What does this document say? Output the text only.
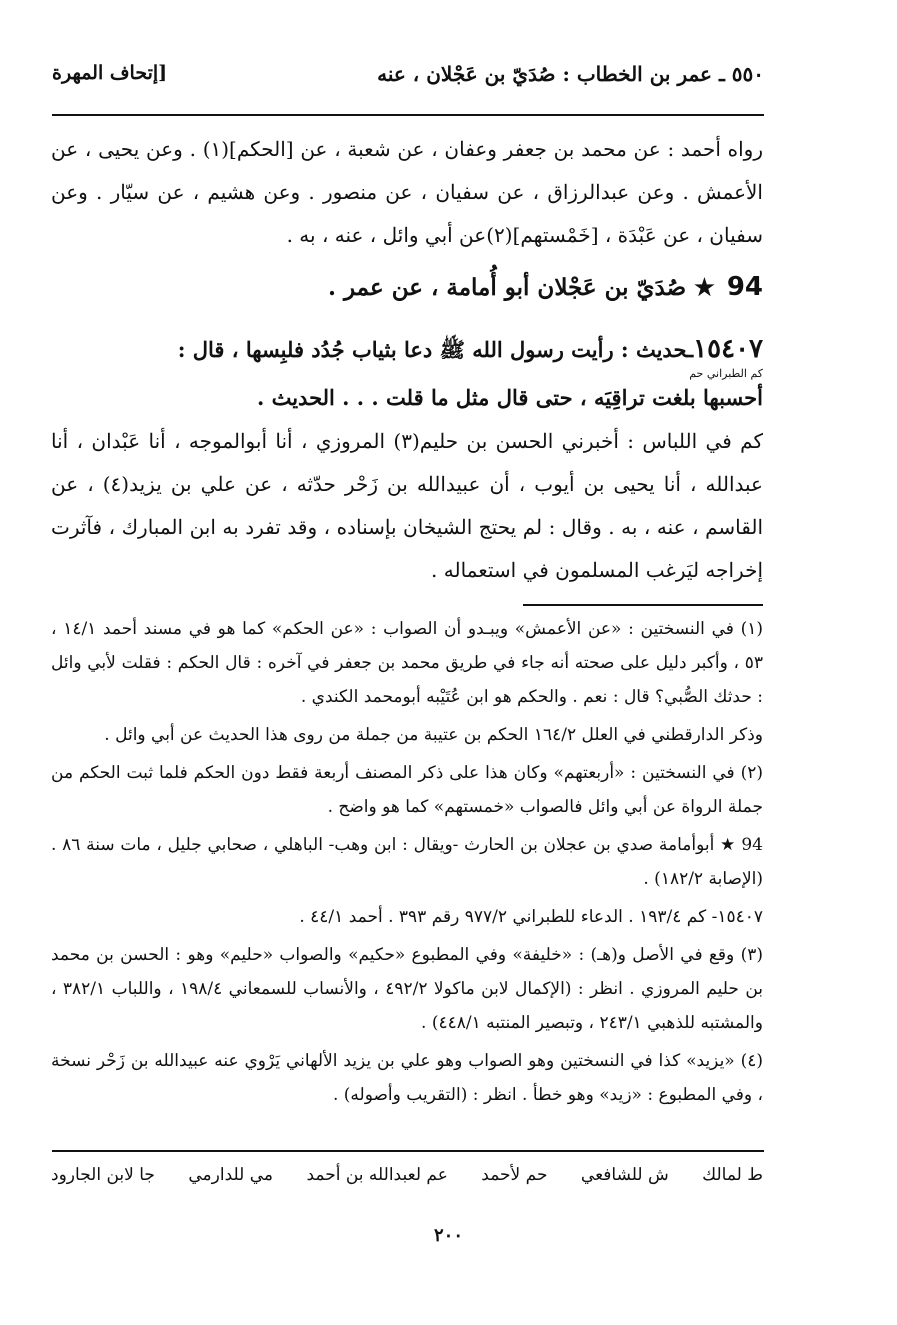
٥٥٠ ـ عمر بن الخطاب : صُدَيّ بن عَجْلان ، عنه
[إتحاف المهرة

رواه أحمد : عن محمد بن جعفر وعفان ، عن شعبة ، عن [الحكم](١) . وعن يحيى ، عن الأعمش . وعن عبدالرزاق ، عن سفيان ، عن منصور . وعن هشيم ، عن سيّار . وعن سفيان ، عن عَبْدَة ، [خَمْستهم](٢)عن أبي وائل ، عنه ، به .

94 ★ صُدَيّ بن عَجْلان أبو أُمامة ، عن عمر .
١٥٤٠٧ـحديث : رأيت رسول الله ﷺ دعا بثياب جُدُد فلبِسها ، قال :
كم الطبراني حم
أحسبها بلغت تراقِيَه ، حتى قال مثل ما قلت . . . الحديث .

كم في اللباس : أخبرني الحسن بن حليم(٣) المروزي ، أنا أبوالموجه ، أنا عَبْدان ، أنا عبدالله ، أنا يحيى بن أيوب ، أن عبيدالله بن زَحْر حدّثه ، عن علي بن يزيد(٤) ، عن القاسم ، عنه ، به . وقال : لم يحتج الشيخان بإسناده ، وقد تفرد به ابن المبارك ، فآثرت إخراجه ليَرغب المسلمون في استعماله .

(١) في النسختين : «عن الأعمش» ويبـدو أن الصواب : «عن الحكم» كما هو في مسند أحمد ١٤/١ ، ٥٣ ، وأكبر دليل على صحته أنه جاء في طريق محمد بن جعفر في آخره : قال الحكم : فقلت لأبي وائل : حدثك الصُّبي؟ قال : نعم . والحكم هو ابن عُتَيْبه أبومحمد الكندي .

وذكر الدارقطني في العلل ١٦٤/٢ الحكم بن عتيبة من جملة من روى هذا الحديث عن أبي وائل .

(٢) في النسختين : «أربعتهم» وكان هذا على ذكر المصنف أربعة فقط دون الحكم فلما ثبت الحكم من جملة الرواة عن أبي وائل فالصواب «خمستهم» كما هو واضح .

94 ★ أبوأمامة صدي بن عجلان بن الحارث -ويقال : ابن وهب- الباهلي ، صحابي جليل ، مات سنة ٨٦ . (الإصابة ١٨٢/٢) .

١٥٤٠٧- كم ١٩٣/٤ . الدعاء للطبراني ٩٧٧/٢ رقم ٣٩٣ . أحمد ٤٤/١ .

(٣) وقع في الأصل و(هـ) : «خليفة» وفي المطبوع «حكيم» والصواب «حليم» وهو : الحسن بن محمد بن حليم المروزي . انظر : (الإكمال لابن ماكولا ٤٩٢/٢ ، والأنساب للسمعاني ١٩٨/٤ ، واللباب ٣٨٢/١ ، والمشتبه للذهبي ٢٤٣/١ ، وتبصير المنتبه ٤٤٨/١) .

(٤) «يزيد» كذا في النسختين وهو الصواب وهو علي بن يزيد الألهاني يَرْوي عنه عبيدالله بن زَحْر نسخة ، وفي المطبوع : «زيد» وهو خطأ . انظر : (التقريب وأصوله) .

ط لمالك
ش للشافعي
حم لأحمد
عم لعبدالله بن أحمد
مي للدارمي
جا لابن الجارود
٢٠٠
